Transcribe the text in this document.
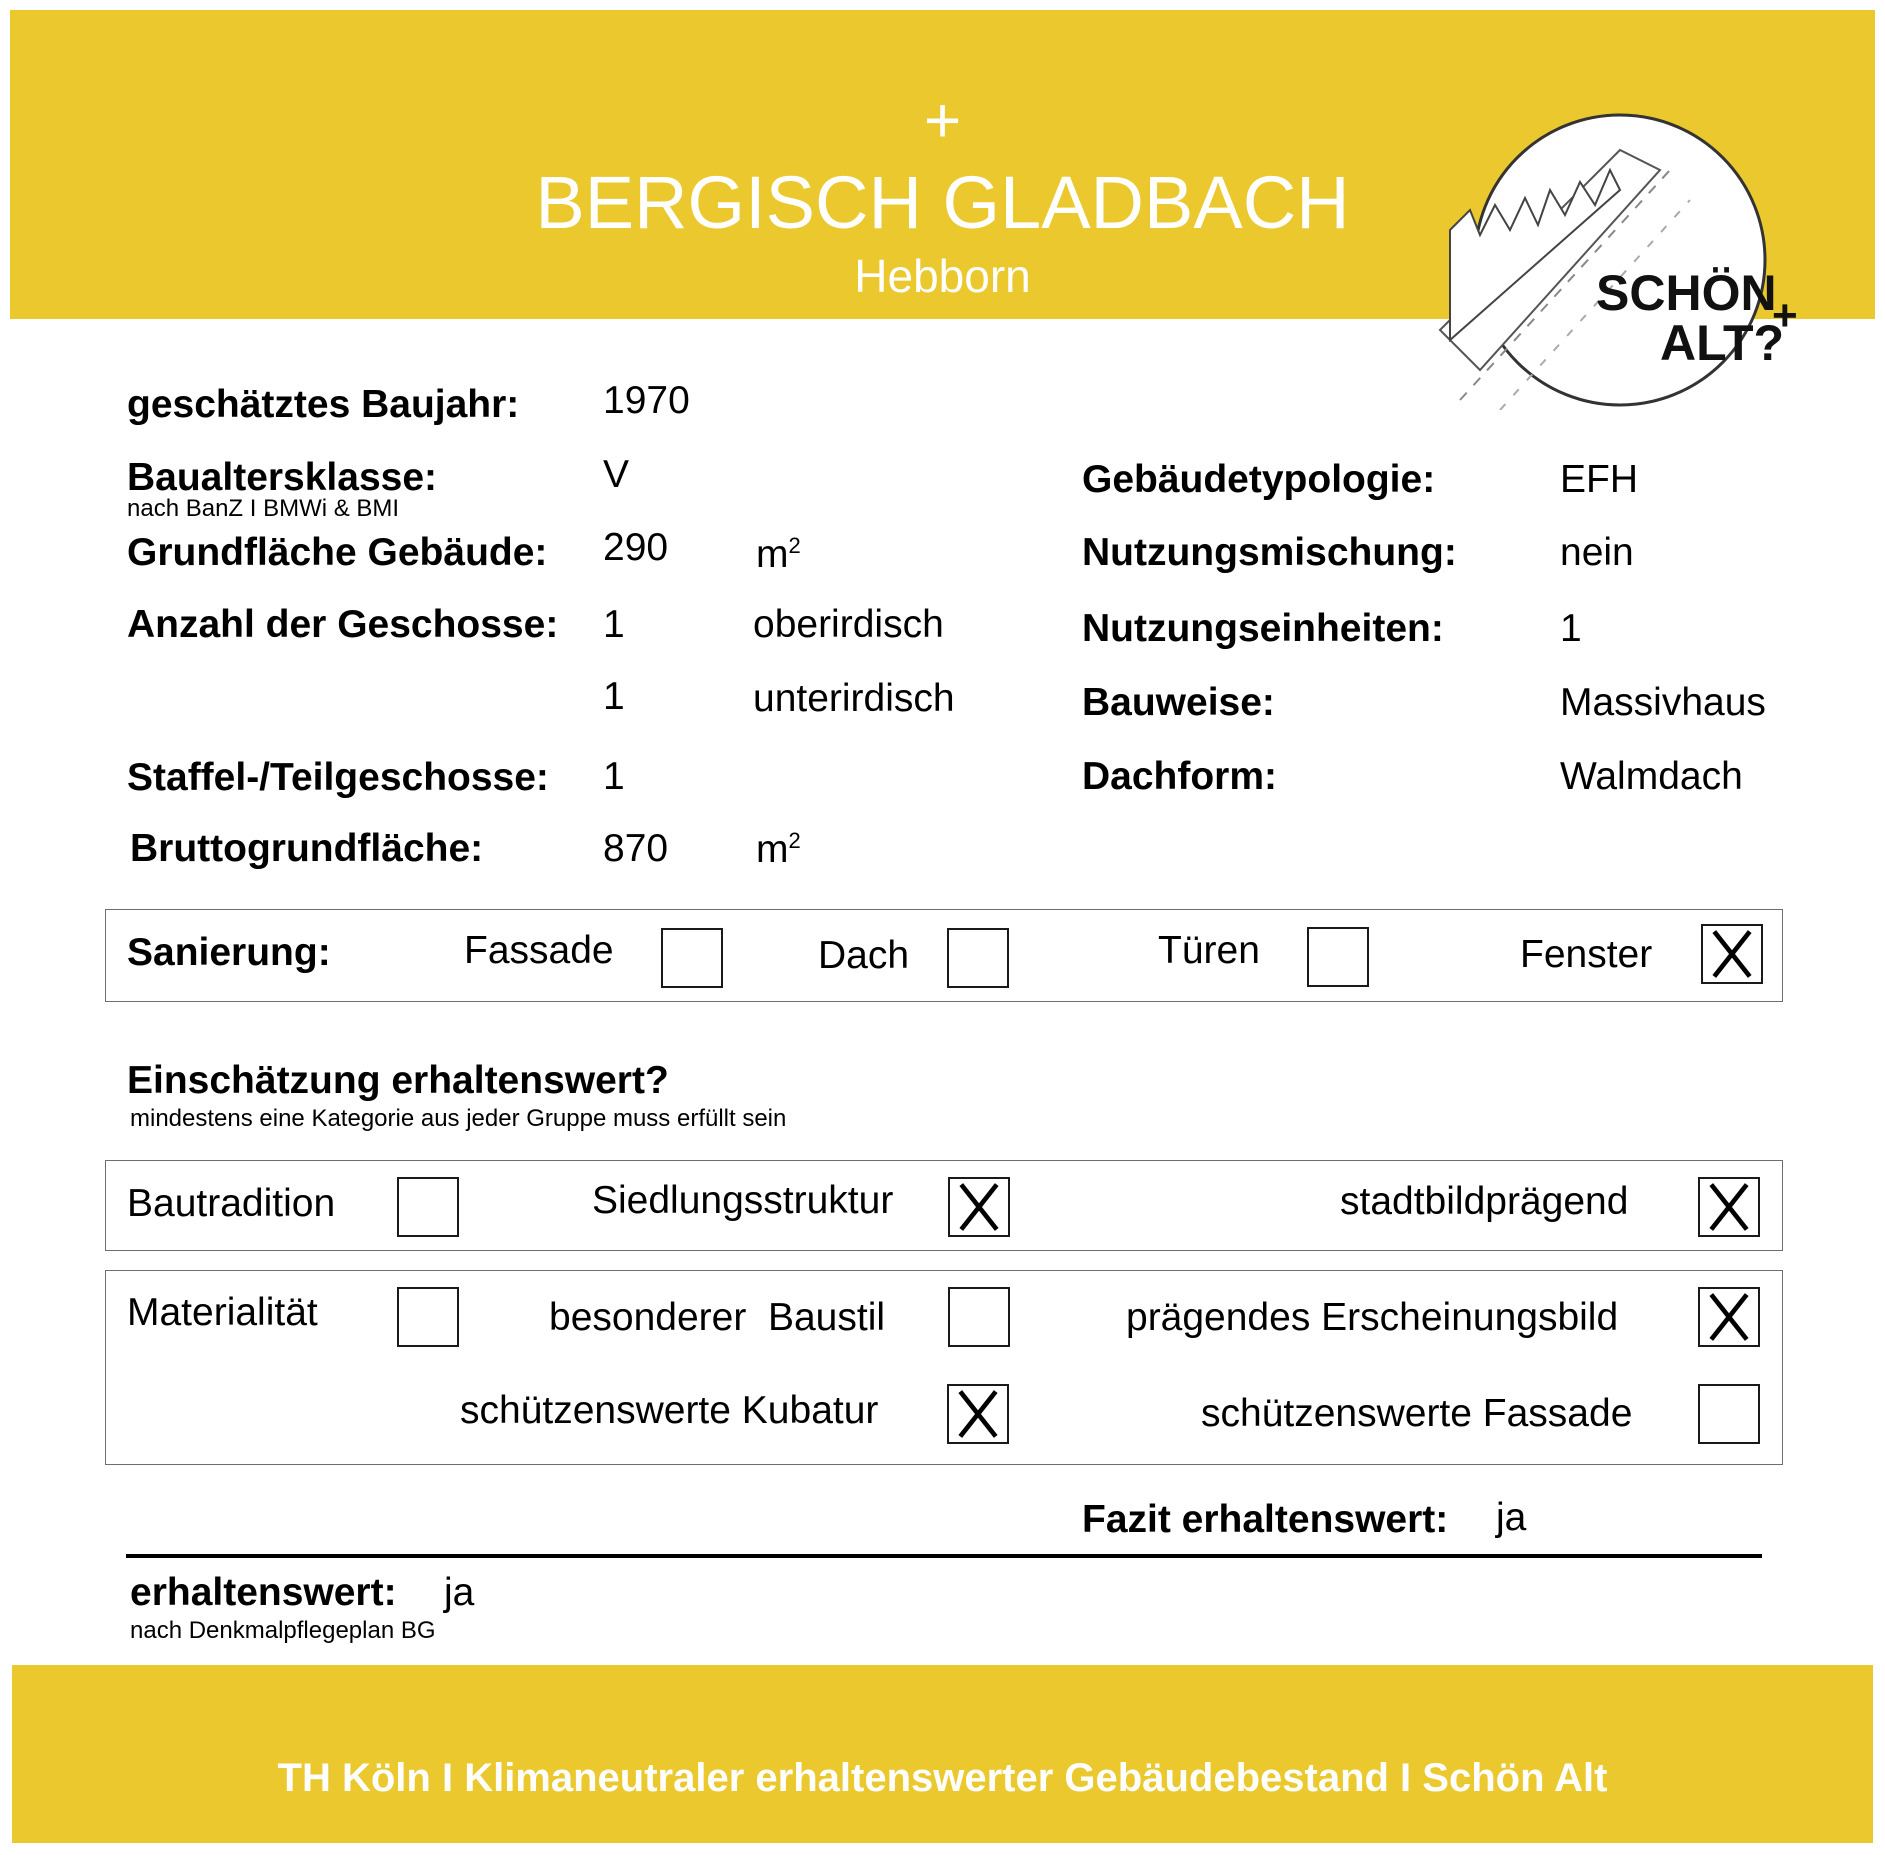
+
BERGISCH GLADBACH
Hebborn	SCHÖN
ALT?
+
geschätztes Baujahr: 1970
Baualtersklasse:
nach BanZ I BMWi & BMI
V
Grundfläche Gebäude: 290 $m^2$
Anzahl der Geschosse: 1	oberirdisch
1	unterirdisch
Staffel-/Teilgeschosse: 1
Bruttogrundfläche:	870 $m^2$
Gebäudetypologie:	EFH
Nutzungsmischung:	nein
Nutzungseinheiten:	1
Bauweise:	Massivhaus
Dachform:	Walmdach
Sanierung:	Fassade	Dach	Türen	Fenster
Einschätzung erhaltenswert?
mindestens eine Kategorie aus jeder Gruppe muss erfüllt sein
Bautradition	Siedlungsstruktur	stadtbildprägend
Materialität	besonderer  Baustil	prägendes Erscheinungsbild
schützenswerte Kubatur	schützenswerte Fassade
Fazit erhaltenswert: ja
erhaltenswert: ja
nach Denkmalpflegeplan BG
TH Köln I Klimaneutraler erhaltenswerter Gebäudebestand I Schön Alt
